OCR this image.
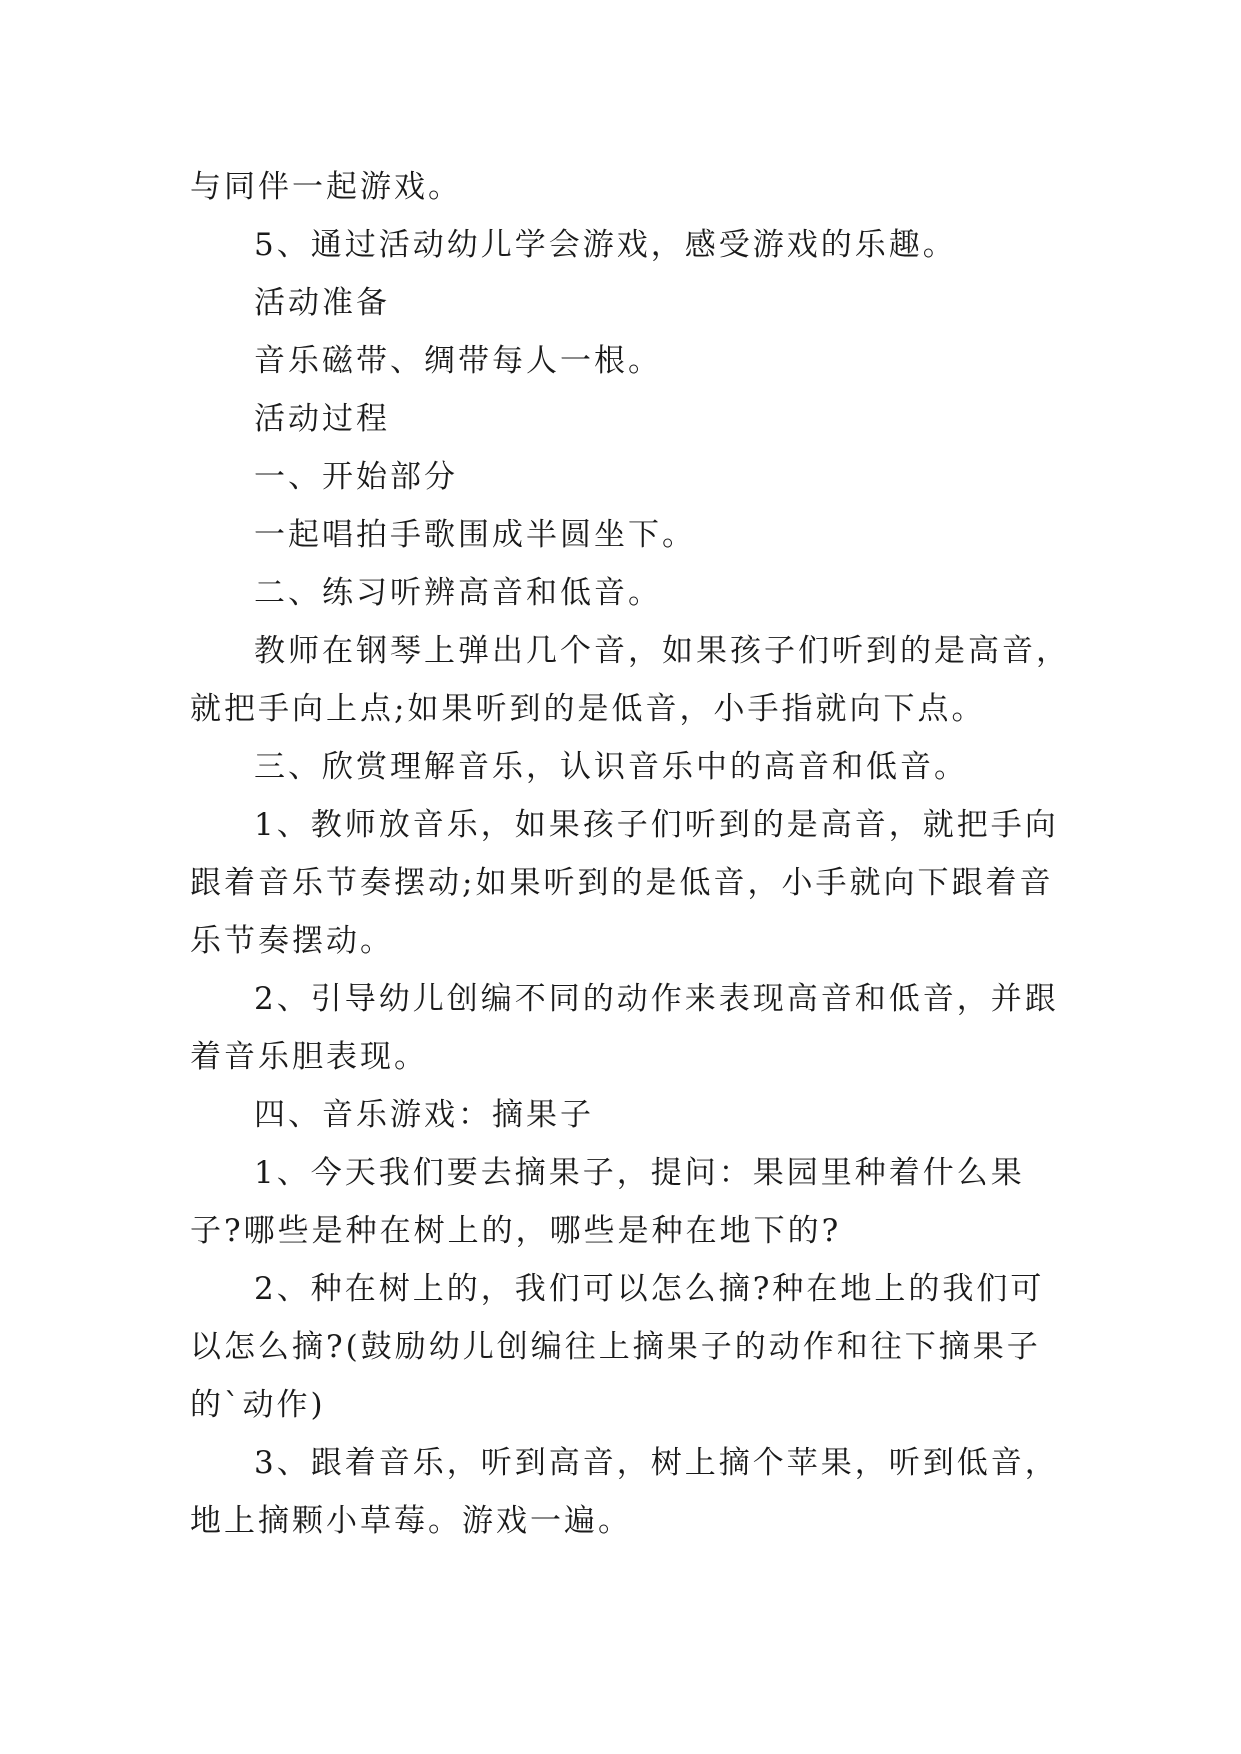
与同伴一起游戏。

5、通过活动幼儿学会游戏，感受游戏的乐趣。

活动准备

音乐磁带、绸带每人一根。

活动过程

一、开始部分

一起唱拍手歌围成半圆坐下。

二、练习听辨高音和低音。

教师在钢琴上弹出几个音，如果孩子们听到的是高音，就把手向上点;如果听到的是低音，小手指就向下点。

三、欣赏理解音乐，认识音乐中的高音和低音。

1、教师放音乐，如果孩子们听到的是高音，就把手向跟着音乐节奏摆动;如果听到的是低音，小手就向下跟着音乐节奏摆动。

2、引导幼儿创编不同的动作来表现高音和低音，并跟着音乐胆表现。

四、音乐游戏：摘果子

1、今天我们要去摘果子，提问：果园里种着什么果子?哪些是种在树上的，哪些是种在地下的?

2、种在树上的，我们可以怎么摘?种在地上的我们可以怎么摘?(鼓励幼儿创编往上摘果子的动作和往下摘果子的`动作)

3、跟着音乐，听到高音，树上摘个苹果，听到低音，地上摘颗小草莓。游戏一遍。
